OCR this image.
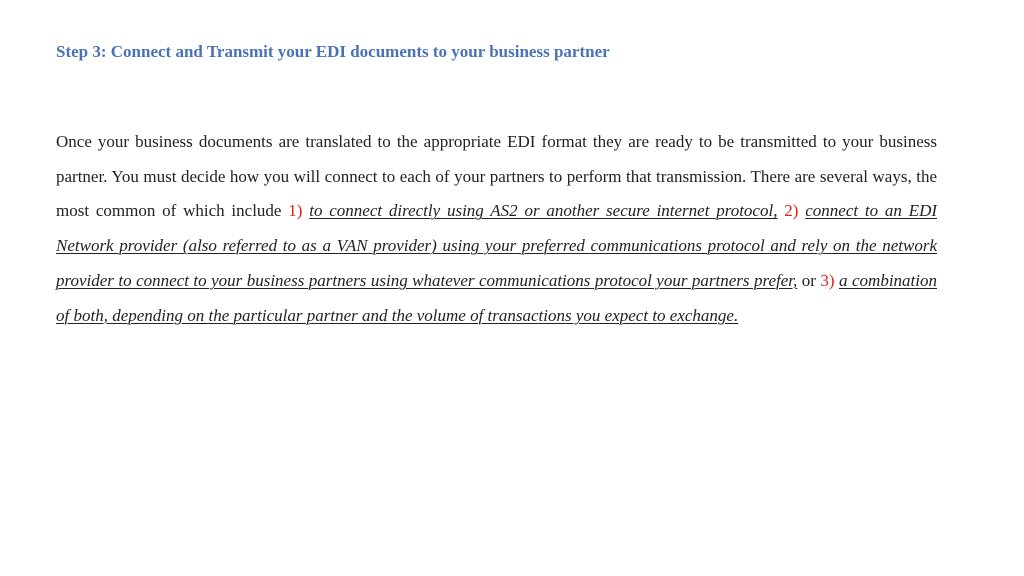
Step 3: Connect and Transmit your EDI documents to your business partner

Once your business documents are translated to the appropriate EDI format they are ready to be transmitted to your business partner. You must decide how you will connect to each of your partners to perform that transmission. There are several ways, the most common of which include 1) to connect directly using AS2 or another secure internet protocol, 2) connect to an EDI Network provider (also referred to as a VAN provider) using your preferred communications protocol and rely on the network provider to connect to your business partners using whatever communications protocol your partners prefer, or 3) a combination of both, depending on the particular partner and the volume of transactions you expect to exchange.
